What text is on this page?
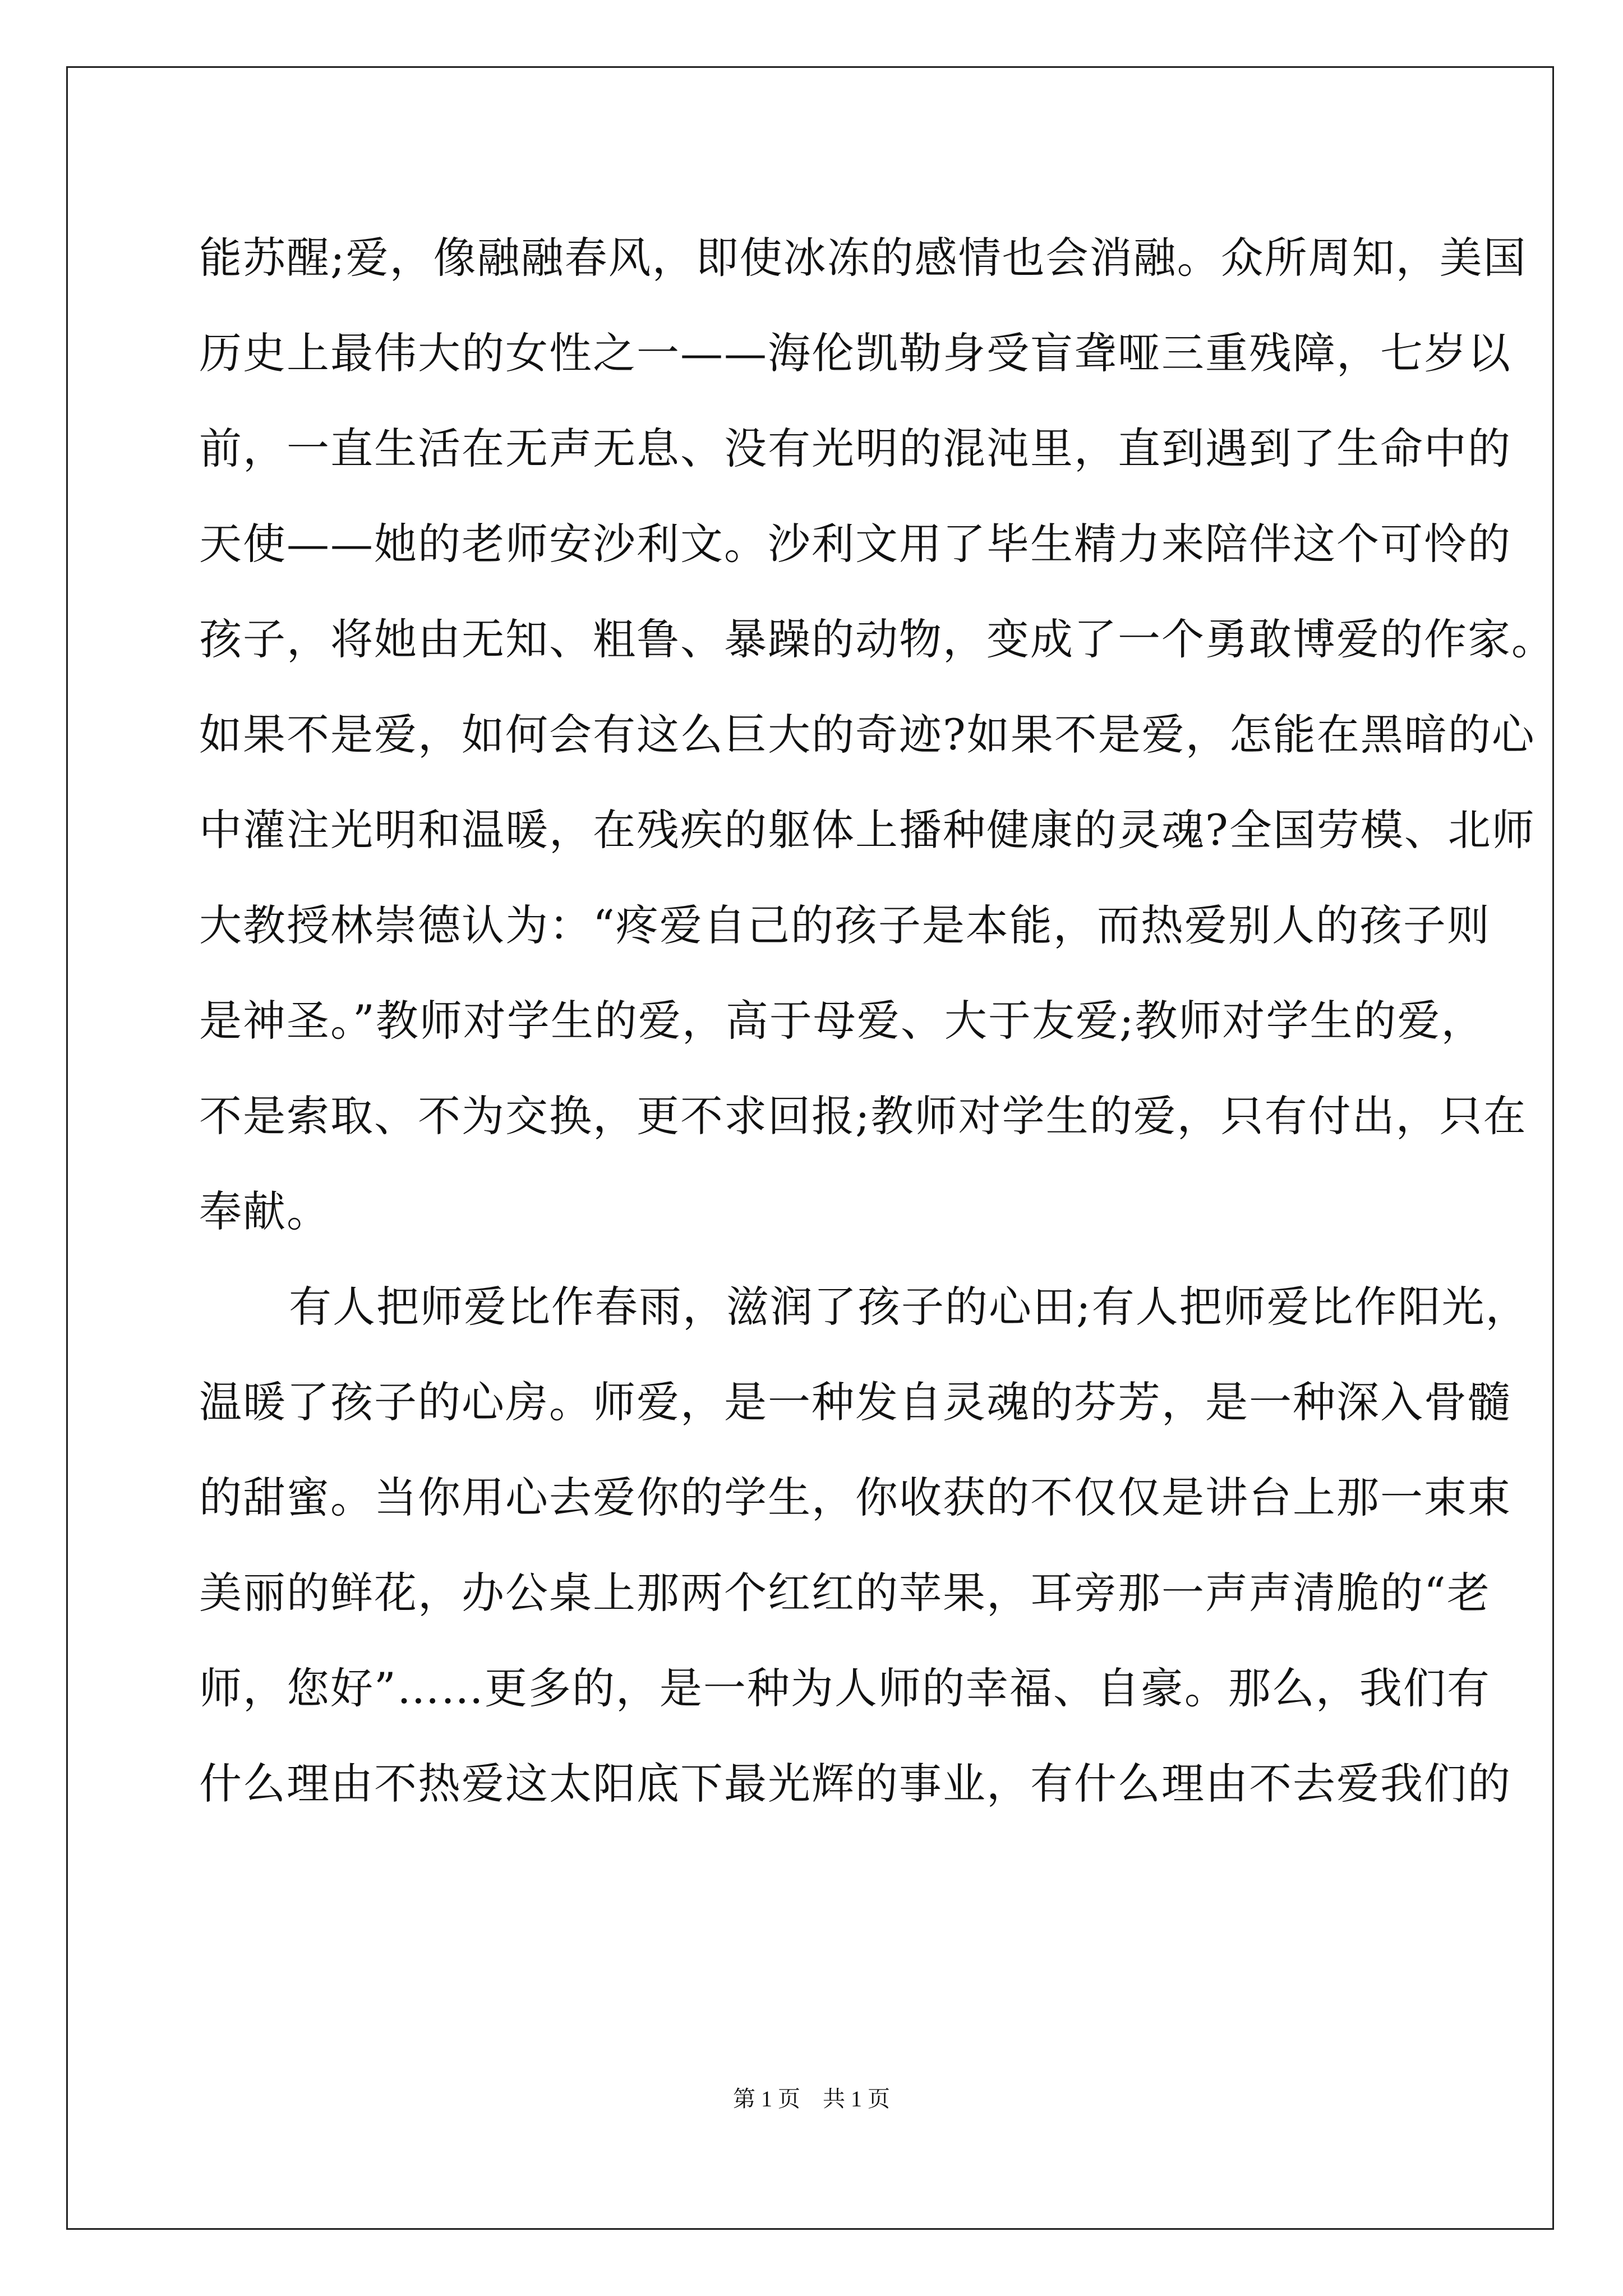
能苏醒;爱，像融融春风，即使冰冻的感情也会消融。众所周知，美国
历史上最伟大的女性之一——海伦凯勒身受盲聋哑三重残障，七岁以
前，一直生活在无声无息、没有光明的混沌里，直到遇到了生命中的
天使——她的老师安沙利文。沙利文用了毕生精力来陪伴这个可怜的
孩子，将她由无知、粗鲁、暴躁的动物，变成了一个勇敢博爱的作家。
如果不是爱，如何会有这么巨大的奇迹?如果不是爱，怎能在黑暗的心
中灌注光明和温暖，在残疾的躯体上播种健康的灵魂?全国劳模、北师
大教授林崇德认为：“疼爱自己的孩子是本能，而热爱别人的孩子则
是神圣。”教师对学生的爱，高于母爱、大于友爱;教师对学生的爱，
不是索取、不为交换，更不求回报;教师对学生的爱，只有付出，只在
奉献。
有人把师爱比作春雨，滋润了孩子的心田;有人把师爱比作阳光，
温暖了孩子的心房。师爱，是一种发自灵魂的芬芳，是一种深入骨髓
的甜蜜。当你用心去爱你的学生，你收获的不仅仅是讲台上那一束束
美丽的鲜花，办公桌上那两个红红的苹果，耳旁那一声声清脆的“老
师，您好”……更多的，是一种为人师的幸福、自豪。那么，我们有
什么理由不热爱这太阳底下最光辉的事业，有什么理由不去爱我们的
第 1 页　共 1 页
